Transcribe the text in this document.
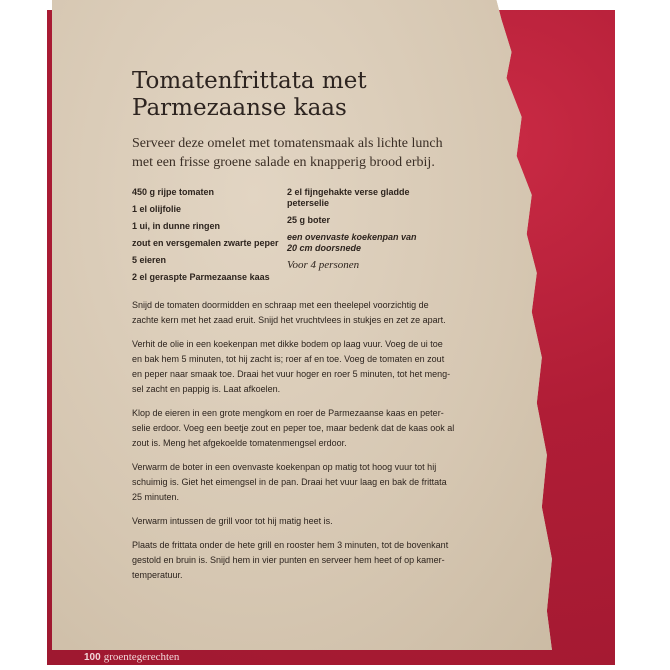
Tomatenfrittata met
Parmezaanse kaas
Serveer deze omelet met tomatensmaak als lichte lunch
met een frisse groene salade en knapperig brood erbij.
450 g rijpe tomaten
1 el olijfolie
1 ui, in dunne ringen
zout en versgemalen zwarte peper
5 eieren
2 el geraspte Parmezaanse kaas
2 el fijngehakte verse gladde peterselie
25 g boter
een ovenvaste koekenpan van 20 cm doorsnede
Voor 4 personen

Snijd de tomaten doormidden en schraap met een theelepel voorzichtig de
zachte kern met het zaad eruit. Snijd het vruchtvlees in stukjes en zet ze apart.

Verhit de olie in een koekenpan met dikke bodem op laag vuur. Voeg de ui toe
en bak hem 5 minuten, tot hij zacht is; roer af en toe. Voeg de tomaten en zout
en peper naar smaak toe. Draai het vuur hoger en roer 5 minuten, tot het meng-
sel zacht en pappig is. Laat afkoelen.

Klop de eieren in een grote mengkom en roer de Parmezaanse kaas en peter-
selie erdoor. Voeg een beetje zout en peper toe, maar bedenk dat de kaas ook al
zout is. Meng het afgekoelde tomatenmengsel erdoor.

Verwarm de boter in een ovenvaste koekenpan op matig tot hoog vuur tot hij
schuimig is. Giet het eimengsel in de pan. Draai het vuur laag en bak de frittata
25 minuten.

Verwarm intussen de grill voor tot hij matig heet is.

Plaats de frittata onder de hete grill en rooster hem 3 minuten, tot de bovenkant
gestold en bruin is. Snijd hem in vier punten en serveer hem heet of op kamer-
temperatuur.

100 groentegerechten
